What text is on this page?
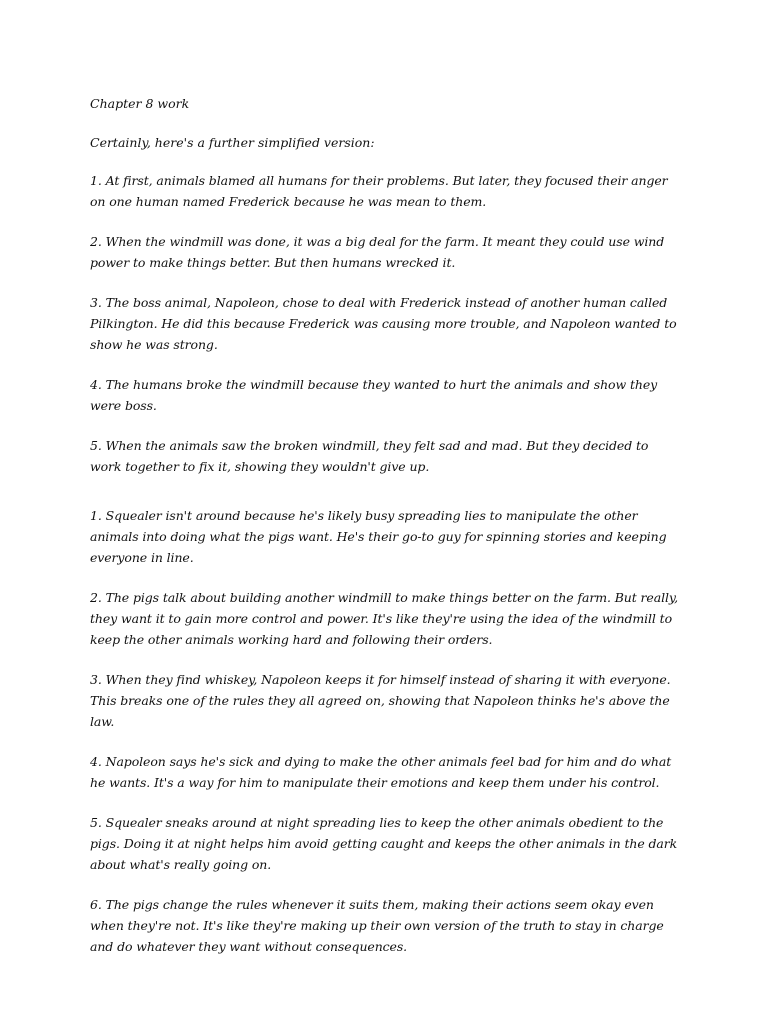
Chapter 8 work
Certainly, here's a further simplified version:
1 . At first, animals blamed all humans for their problems. But later, they focused their anger on one human named Frederick because he was mean to them.
2 . When the windmill was done, it was a big deal for the farm. It meant they could use wind power to make things better. But then humans wrecked it.
3 . The boss animal, Napoleon, chose to deal with Frederick instead of another human called Pilkington. He did this because Frederick was causing more trouble, and Napoleon wanted to show he was strong.
4 . The humans broke the windmill because they wanted to hurt the animals and show they were boss.
5 . When the animals saw the broken windmill, they felt sad and mad. But they decided to work together to fix it, showing they wouldn't give up.
1 . Squealer isn't around because he's likely busy spreading lies to manipulate the other animals into doing what the pigs want. He's their go-to guy for spinning stories and keeping everyone in line.
2 . The pigs talk about building another windmill to make things better on the farm. But really, they want it to gain more control and power. It's like they're using the idea of the windmill to keep the other animals working hard and following their orders.
3 . When they find whiskey, Napoleon keeps it for himself instead of sharing it with everyone. This breaks one of the rules they all agreed on, showing that Napoleon thinks he's above the law.
4 . Napoleon says he's sick and dying to make the other animals feel bad for him and do what he wants. It's a way for him to manipulate their emotions and keep them under his control.
5 . Squealer sneaks around at night spreading lies to keep the other animals obedient to the pigs. Doing it at night helps him avoid getting caught and keeps the other animals in the dark about what's really going on.
6 . The pigs change the rules whenever it suits them, making their actions seem okay even when they're not. It's like they're making up their own version of the truth to stay in charge and do whatever they want without consequences.
